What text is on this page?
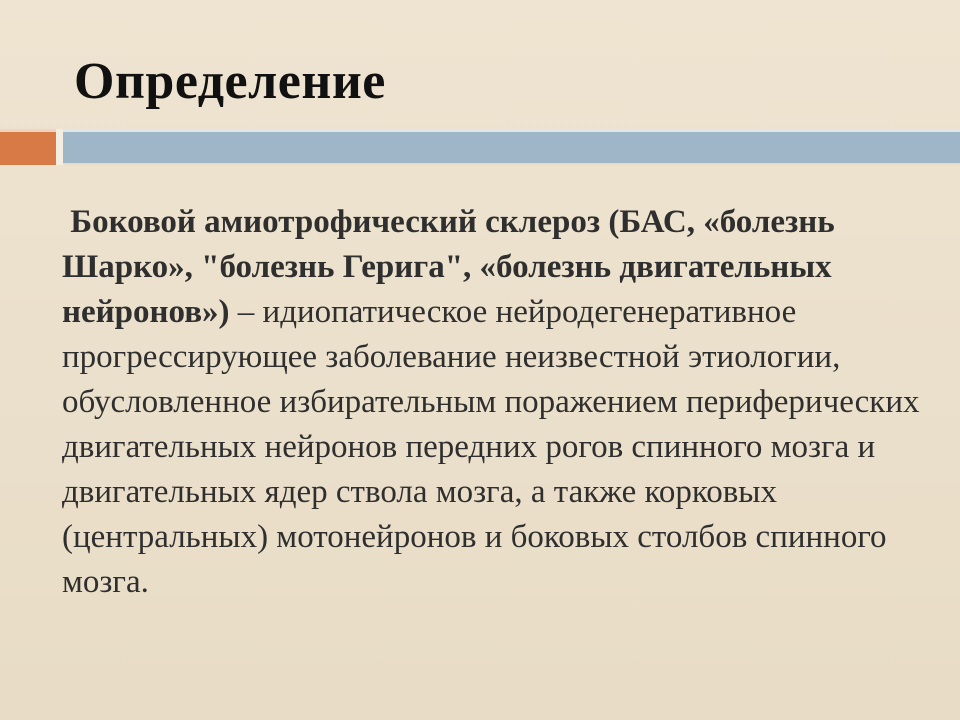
Определение

Боковой амиотрофический склероз (БАС, «болезнь Шарко», "болезнь Герига", «болезнь двигательных нейронов») – идиопатическое нейродегенеративное прогрессирующее заболевание неизвестной этиологии, обусловленное избирательным поражением периферических двигательных нейронов передних рогов спинного мозга и двигательных ядер ствола мозга, а также корковых (центральных) мотонейронов и боковых столбов спинного мозга.
